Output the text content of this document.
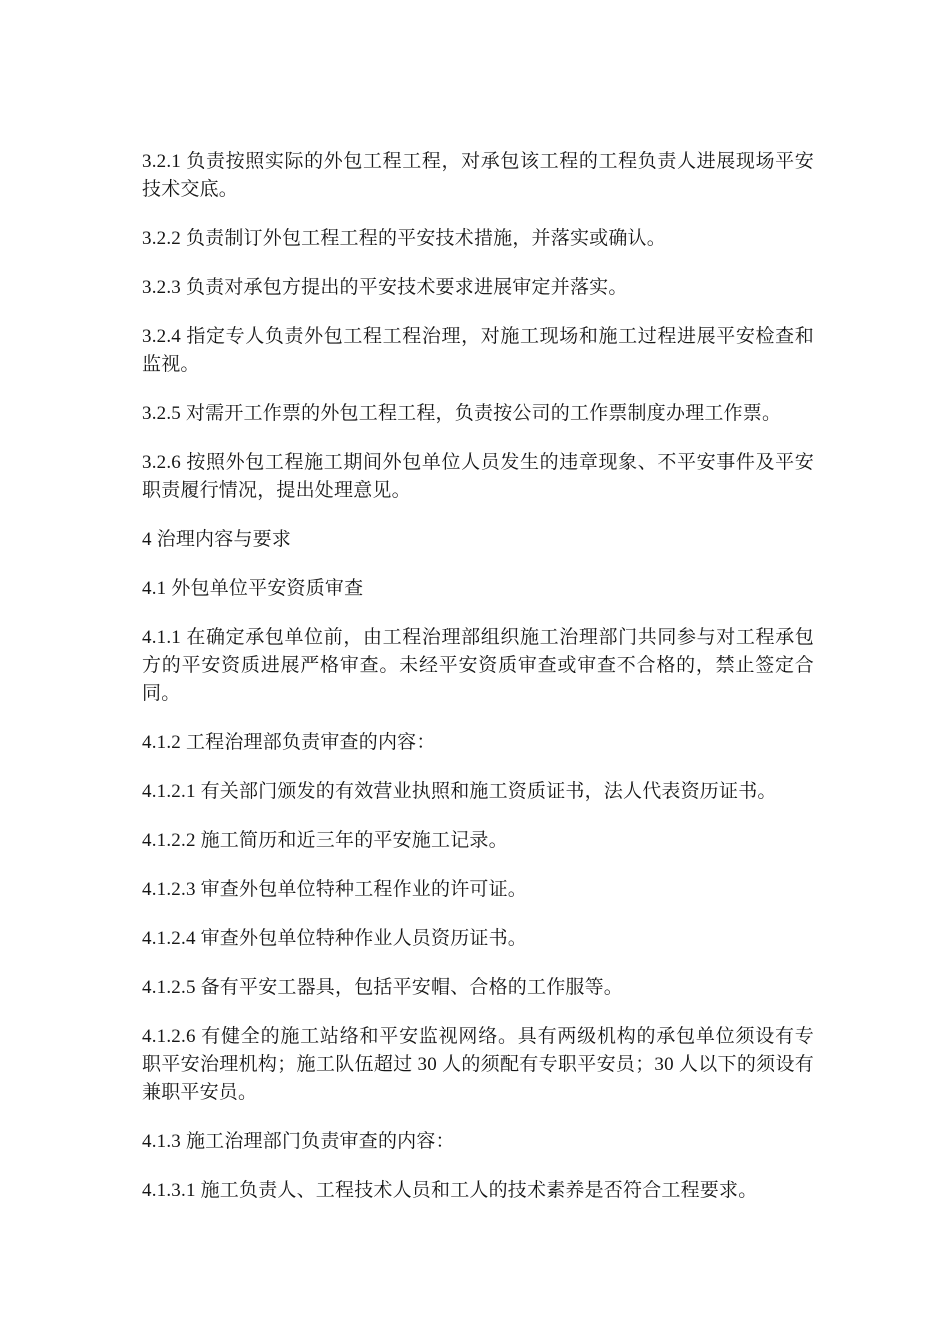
3.2.1 负责按照实际的外包工程工程，对承包该工程的工程负责人进展现场平安技术交底。

3.2.2 负责制订外包工程工程的平安技术措施，并落实或确认。

3.2.3 负责对承包方提出的平安技术要求进展审定并落实。

3.2.4 指定专人负责外包工程工程治理，对施工现场和施工过程进展平安检查和监视。

3.2.5 对需开工作票的外包工程工程，负责按公司的工作票制度办理工作票。

3.2.6 按照外包工程施工期间外包单位人员发生的违章现象、不平安事件及平安职责履行情况，提出处理意见。

4 治理内容与要求

4.1 外包单位平安资质审查

4.1.1 在确定承包单位前，由工程治理部组织施工治理部门共同参与对工程承包方的平安资质进展严格审查。未经平安资质审查或审查不合格的，禁止签定合同。

4.1.2 工程治理部负责审查的内容：

4.1.2.1 有关部门颁发的有效营业执照和施工资质证书，法人代表资历证书。

4.1.2.2 施工简历和近三年的平安施工记录。

4.1.2.3 审查外包单位特种工程作业的许可证。

4.1.2.4 审查外包单位特种作业人员资历证书。

4.1.2.5 备有平安工器具，包括平安帽、合格的工作服等。

4.1.2.6 有健全的施工站络和平安监视网络。具有两级机构的承包单位须设有专职平安治理机构；施工队伍超过 30 人的须配有专职平安员；30 人以下的须设有兼职平安员。

4.1.3 施工治理部门负责审查的内容：

4.1.3.1 施工负责人、工程技术人员和工人的技术素养是否符合工程要求。
